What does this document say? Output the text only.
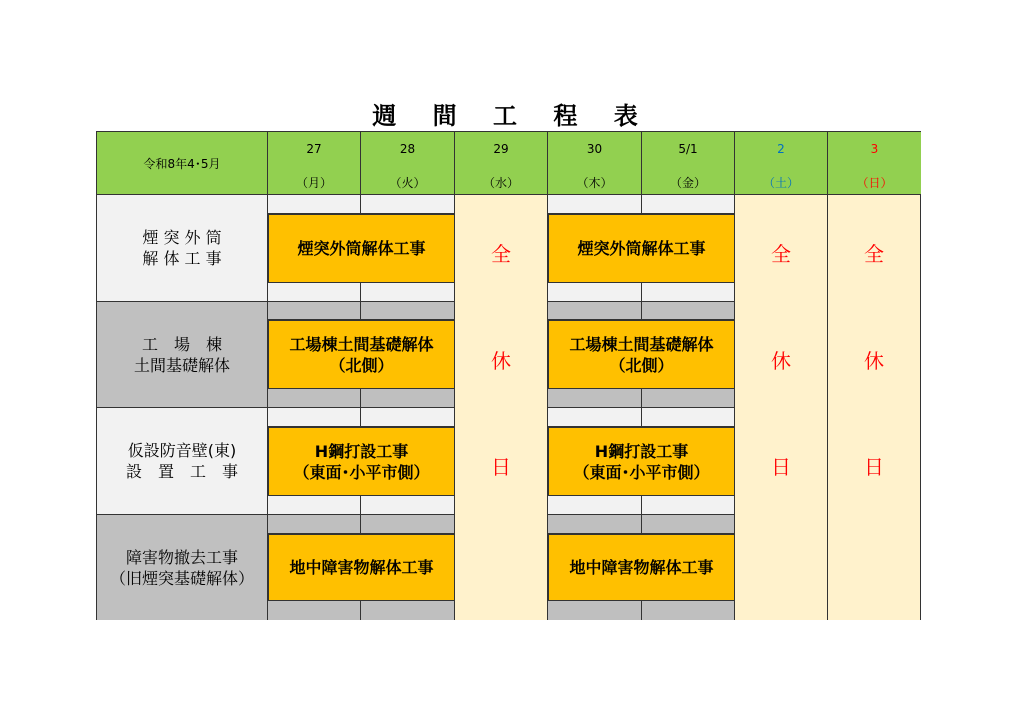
週 間 工 程 表
令和8年4･5月
27
（月）
28
（火）
29
（水）
30
（木）
5/1
（金）
2
（土）
3
（日）
煙 突 外 筒
解 体 工 事
工　場　棟
土間基礎解体
仮設防音壁(東)
設　置　工　事
障害物撤去工事
（旧煙突基礎解体）
煙突外筒解体工事	煙突外筒解体工事
工場棟土間基礎解体
（北側）
工場棟土間基礎解体
（北側）
H鋼打設工事
（東面･小平市側）
H鋼打設工事
（東面･小平市側）
地中障害物解体工事	地中障害物解体工事
全
休
日
全
休
日
全
休
日
